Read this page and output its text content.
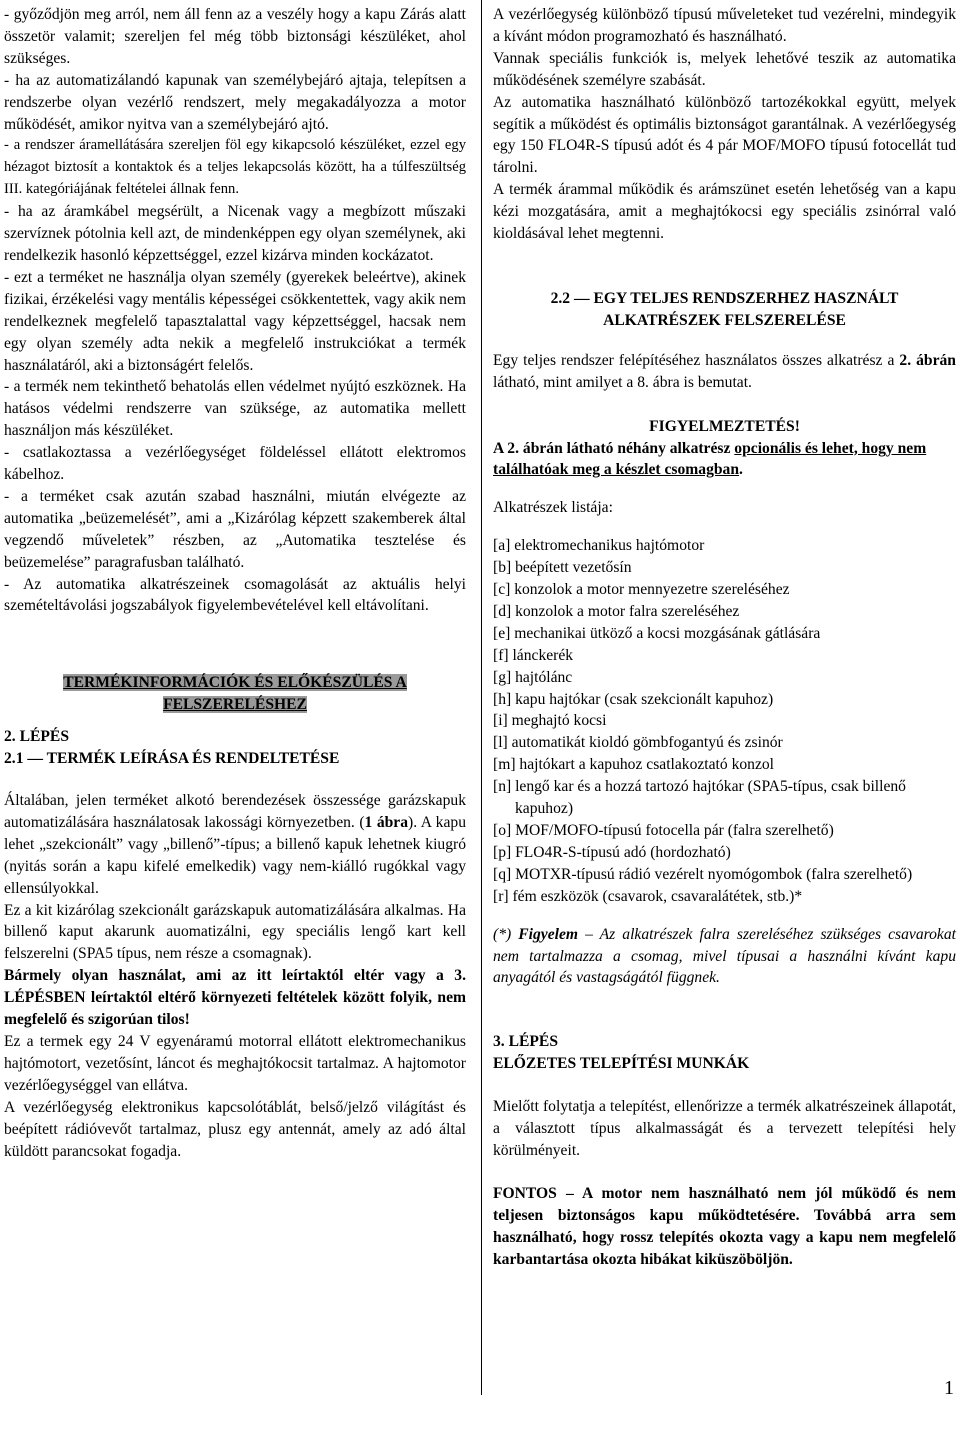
- győződjön meg arról, nem áll fenn az a veszély hogy a kapu Zárás alatt összetör valamit; szereljen fel még több biztonsági készüléket, ahol szükséges.

- ha az automatizálandó kapunak van személybejáró ajtaja, telepítsen a rendszerbe olyan vezérlő rendszert, mely megakadályozza a motor működését, amikor nyitva van a személybejáró ajtó.

- a rendszer áramellátására szereljen föl egy kikapcsoló készüléket, ezzel egy hézagot biztosít a kontaktok és a teljes lekapcsolás között, ha a túlfeszültség III. kategóriájának feltételei állnak fenn.

- ha az áramkábel megsérült, a Nicenak vagy a megbízott műszaki szervíznek pótolnia kell azt, de mindenképpen egy olyan személynek, aki rendelkezik hasonló képzettséggel, ezzel kizárva minden kockázatot.

- ezt a terméket ne használja olyan személy (gyerekek beleértve), akinek fizikai, érzékelési vagy mentális képességei csökkentettek, vagy akik nem rendelkeznek megfelelő tapasztalattal vagy képzettséggel, hacsak nem egy olyan személy adta nekik a megfelelő instrukciókat a termék használatáról, aki a biztonságért felelős.

- a termék nem tekinthető behatolás ellen védelmet nyújtó eszköznek. Ha hatásos védelmi rendszerre van szüksége, az automatika mellett használjon más készüléket.

- csatlakoztassa a vezérlőegységet földeléssel ellátott elektromos kábelhoz.

- a terméket csak azután szabad használni, miután elvégezte az automatika „beüzemelését”, ami a „Kizárólag képzett szakemberek által vegzendő műveletek” részben, az „Automatika tesztelése és beüzemelése” paragrafusban található.

- Az automatika alkatrészeinek csomagolását az aktuális helyi szemételtávolási jogszabályok figyelembevételével kell eltávolítani.

TERMÉKINFORMÁCIÓK ÉS ELŐKÉSZÜLÉS A
FELSZERELÉSHEZ

2. LÉPÉS

2.1 — TERMÉK LEÍRÁSA ÉS RENDELTETÉSE

Általában, jelen terméket alkotó berendezések összessége garázskapuk automatizálására használatosak lakossági környezetben. (1 ábra). A kapu lehet „szekcionált” vagy „billenő”-típus; a billenő kapuk lehetnek kiugró (nyitás során a kapu kifelé emelkedik) vagy nem-kiálló rugókkal vagy ellensúlyokkal.

Ez a kit kizárólag szekcionált garázskapuk automatizálására alkalmas. Ha billenő kaput akarunk auomatizálni, egy speciális lengő kart kell felszerelni (SPA5 típus, nem része a csomagnak).

Bármely olyan használat, ami az itt leírtaktól eltér vagy a 3. LÉPÉSBEN leírtaktól eltérő környezeti feltételek között folyik, nem megfelelő és szigorúan tilos!

Ez a termek egy 24 V egyenáramú motorral ellátott elektromechanikus hajtómotort, vezetősínt, láncot és meghajtókocsit tartalmaz. A hajtomotor vezérlőegységgel van ellátva.

A vezérlőegység elektronikus kapcsolótáblát, belső/jelző világítást és beépített rádióvevőt tartalmaz, plusz egy antennát, amely az adó által küldött parancsokat fogadja.

A vezérlőegység különböző típusú műveleteket tud vezérelni, mindegyik a kívánt módon programozható és használható.

Vannak speciális funkciók is, melyek lehetővé teszik az automatika működésének személyre szabását.

Az automatika használható különböző tartozékokkal együtt, melyek segítik a működést és optimális biztonságot garantálnak. A vezérlőegység egy 150 FLO4R-S típusú adót és 4 pár MOF/MOFO típusú fotocellát tud tárolni.

A termék árammal működik és arámszünet esetén lehetőség van a kapu kézi mozgatására, amit a meghajtókocsi egy speciális zsinórral való kioldásával lehet megtenni.

2.2 — EGY TELJES RENDSZERHEZ HASZNÁLT
ALKATRÉSZEK FELSZERELÉSE

Egy teljes rendszer felépítéséhez használatos összes alkatrész a 2. ábrán látható, mint amilyet a 8. ábra is bemutat.

FIGYELMEZTETÉS!

A 2. ábrán látható néhány alkatrész opcionális és lehet, hogy nem találhatóak meg a készlet csomagban.

Alkatrészek listája:

[a] elektromechanikus hajtómotor

[b] beépített vezetősín

[c] konzolok a motor mennyezetre szereléséhez

[d] konzolok a motor falra szereléséhez

[e] mechanikai ütköző a kocsi mozgásának gátlására

[f] lánckerék

[g] hajtólánc

[h] kapu hajtókar (csak szekcionált kapuhoz)

[i] meghajtó kocsi

[l] automatikát kioldó gömbfogantyú és zsinór

[m] hajtókart a kapuhoz csatlakoztató konzol

[n] lengő kar és a hozzá tartozó hajtókar (SPA5-típus, csak billenő kapuhoz)

[o] MOF/MOFO-típusú fotocella pár (falra szerelhető)

[p] FLO4R-S-típusú adó (hordozható)

[q] MOTXR-típusú rádió vezérelt nyomógombok (falra szerelhető)

[r] fém eszközök (csavarok, csavaralátétek, stb.)*

(*) Figyelem – Az alkatrészek falra szereléséhez szükséges csavarokat nem tartalmazza a csomag, mivel típusai a használni kívánt kapu anyagától és vastagságától függnek.

3. LÉPÉS

ELŐZETES TELEPÍTÉSI MUNKÁK

Mielőtt folytatja a telepítést, ellenőrizze a termék alkatrészeinek állapotát, a választott típus alkalmasságát és a tervezett telepítési hely körülményeit.

FONTOS – A motor nem használható nem jól működő és nem teljesen biztonságos kapu működtetésére. Továbbá arra sem használható, hogy rossz telepítés okozta vagy a kapu nem megfelelő karbantartása okozta hibákat kiküszöböljön.

1
